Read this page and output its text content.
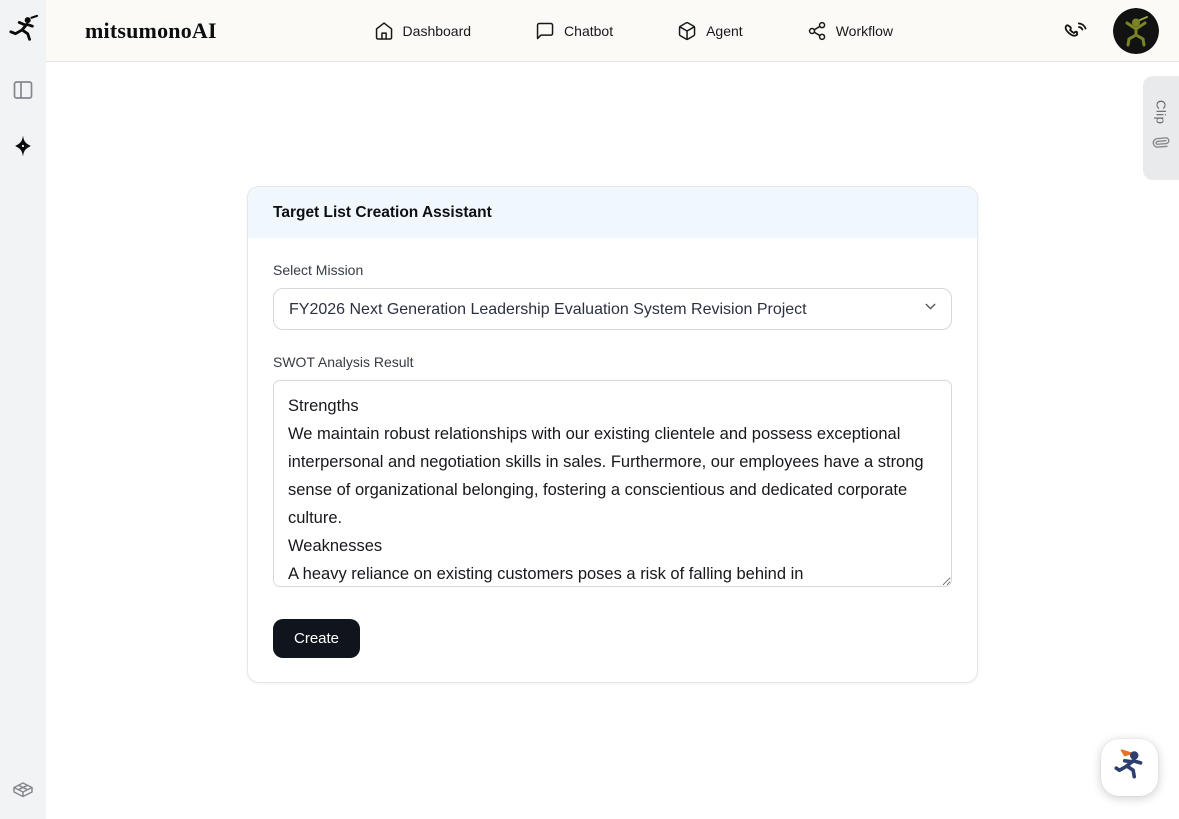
mitsumonoAI	Dashboard	Chatbot	Agent	Workflow
Clip
Target List Creation Assistant
Select Mission
FY2026 Next Generation Leadership Evaluation System Revision Project
SWOT Analysis Result
Strengths We maintain robust relationships with our existing clientele and possess exceptional interpersonal and negotiation skills in sales. Furthermore, our employees have a strong sense of organizational belonging, fostering a conscientious and dedicated corporate culture. Weaknesses A heavy reliance on existing customers poses a risk of falling behind in Create
